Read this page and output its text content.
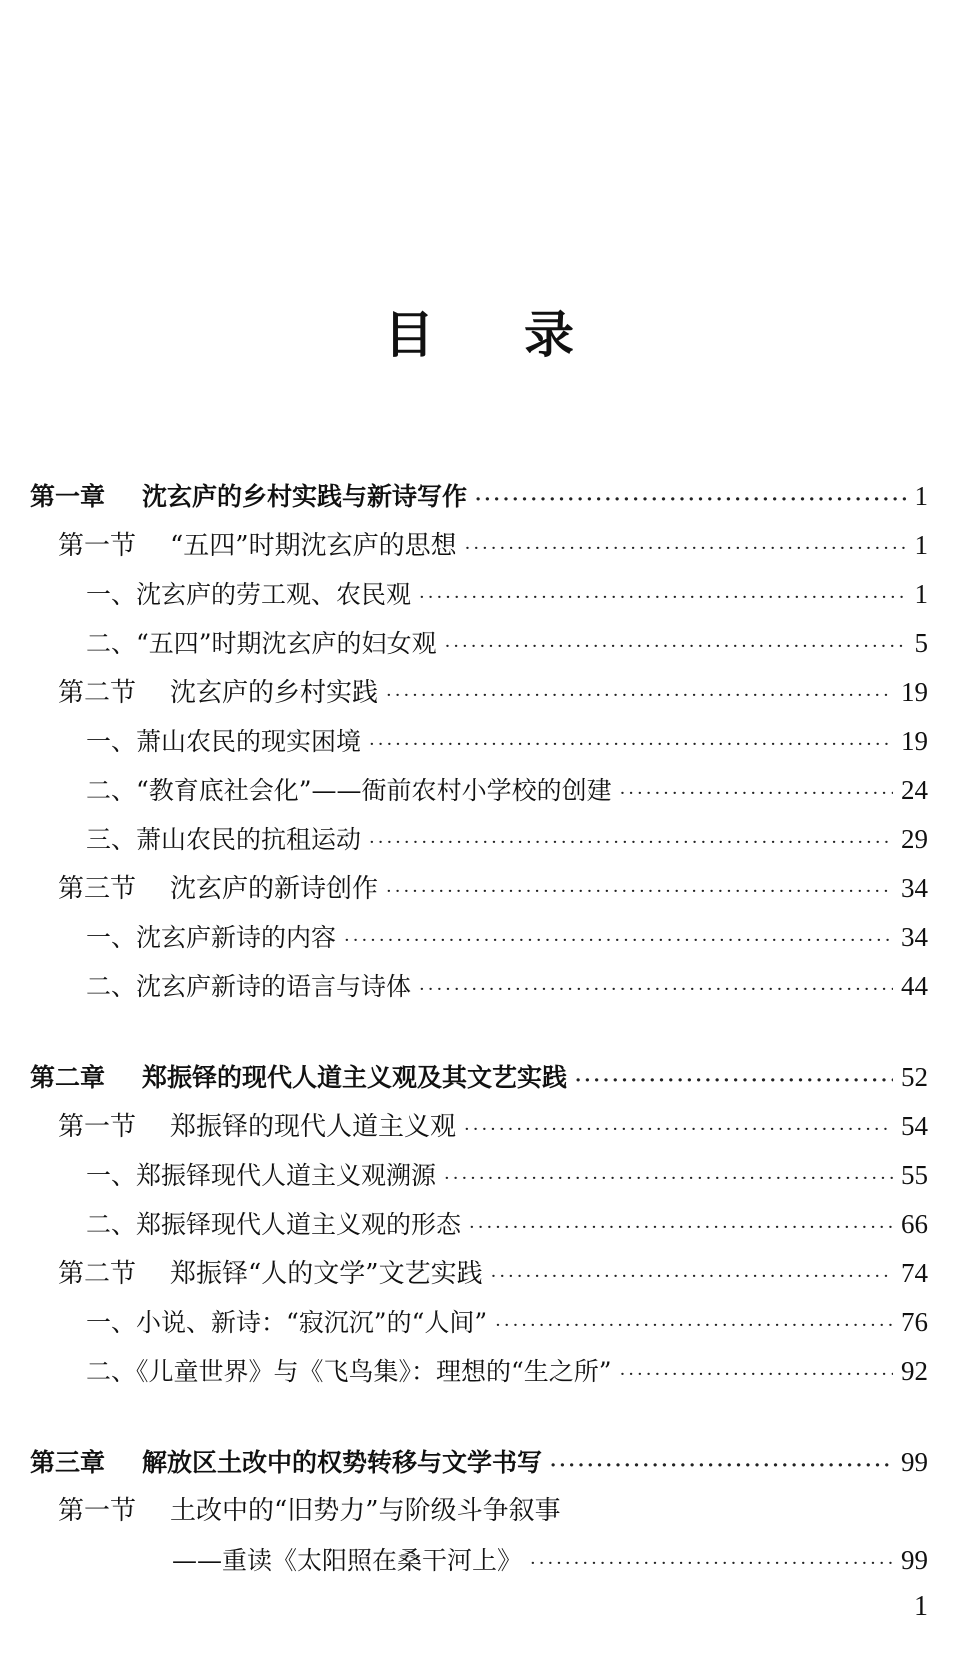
目录
第一章 沈玄庐的乡村实践与新诗写作 ·····	1
第一节 “五四”时期沈玄庐的思想 ·····	1
一、沈玄庐的劳工观、农民观 ·····	1
二、“五四”时期沈玄庐的妇女观 ·····	5
第二节 沈玄庐的乡村实践 ·····	19
一、萧山农民的现实困境 ·····	19
二、“教育底社会化”——衙前农村小学校的创建 ·····	24
三、萧山农民的抗租运动 ·····	29
第三节 沈玄庐的新诗创作 ·····	34
一、沈玄庐新诗的内容 ·····	34
二、沈玄庐新诗的语言与诗体 ·····	44
第二章 郑振铎的现代人道主义观及其文艺实践 ·····	52
第一节 郑振铎的现代人道主义观 ·····	54
一、郑振铎现代人道主义观溯源 ·····	55
二、郑振铎现代人道主义观的形态 ·····	66
第二节 郑振铎“人的文学”文艺实践 ·····	74
一、小说、新诗：“寂沉沉”的“人间” ·····	76
二、《儿童世界》与《飞鸟集》：理想的“生之所” ·····	92
第三章 解放区土改中的权势转移与文学书写 ·····	99
第一节 土改中的“旧势力”与阶级斗争叙事
——重读《太阳照在桑干河上》 ·····	99
1
